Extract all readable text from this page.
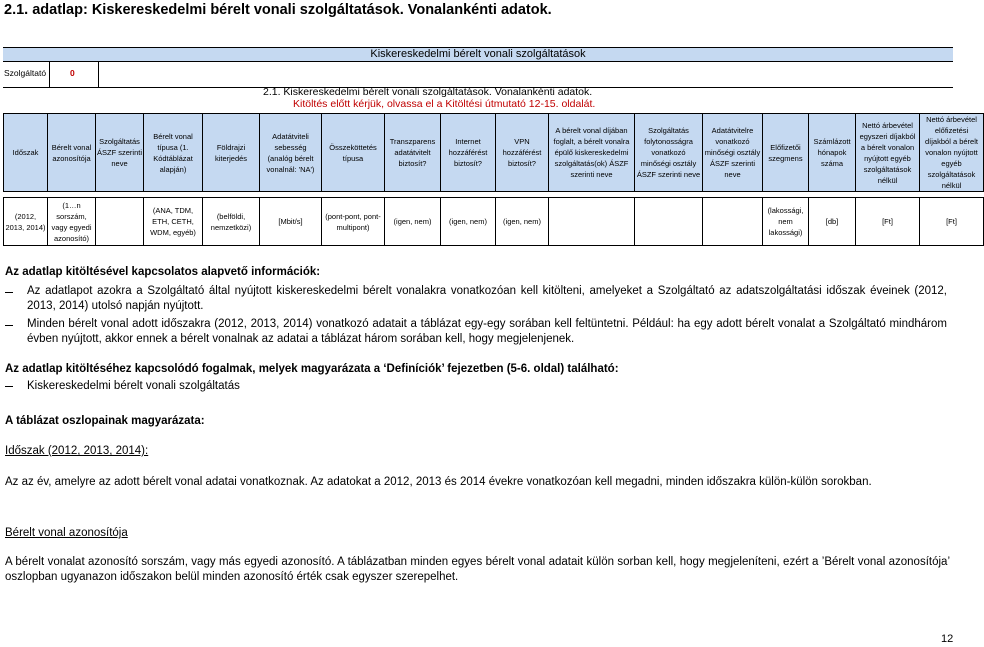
2.1. adatlap: Kiskereskedelmi bérelt vonali szolgáltatások. Vonalankénti adatok.
Kiskereskedelmi bérelt vonali szolgáltatások
Szolgáltató	0
2.1. Kiskereskedelmi bérelt vonali szolgáltatások. Vonalankénti adatok.
Kitöltés előtt kérjük, olvassa el a Kitöltési útmutató 12-15. oldalát.
Időszak	Bérelt vonal azonosítója	Szolgáltatás ÁSZF szerinti neve	Bérelt vonal típusa (1. Kódtáblázat alapján)	Földrajzi kiterjedés	Adatátviteli sebesség (analóg bérelt vonalnál: 'NA')	Összeköttetés típusa	Transzparens adatátvitelt biztosít?	Internet hozzáférést biztosít?	VPN hozzáférést biztosít?	A bérelt vonal díjában foglalt, a bérelt vonalra épülő kiskereskedelmi szolgáltatás(ok) ÁSZF szerinti neve	Szolgáltatás folytonosságra vonatkozó minőségi osztály ÁSZF szerinti neve	Adatátvitelre vonatkozó minőségi osztály ÁSZF szerinti neve	Előfizetői szegmens	Számlázott hónapok száma	Nettó árbevétel egyszeri díjakból a bérelt vonalon nyújtott egyéb szolgáltatások nélkül	Nettó árbevétel előfizetési díjakból a bérelt vonalon nyújtott egyéb szolgáltatások nélkül

(2012, 2013, 2014)	(1…n sorszám, vagy egyedi azonosító)		(ANA, TDM, ETH, CETH, WDM, egyéb)	(belföldi, nemzetközi)	[Mbit/s]	(pont-pont, pont-multipont)	(igen, nem)	(igen, nem)	(igen, nem)				(lakossági, nem lakossági)	[db]	[Ft]	[Ft]
Az adatlap kitöltésével kapcsolatos alapvető információk:
Az adatlapot azokra a Szolgáltató által nyújtott kiskereskedelmi bérelt vonalakra vonatkozóan kell kitölteni, amelyeket a Szolgáltató az adatszolgáltatási időszak éveinek (2012, 2013, 2014) utolsó napján nyújtott.
Minden bérelt vonal adott időszakra (2012, 2013, 2014) vonatkozó adatait a táblázat egy-egy sorában kell feltüntetni. Például: ha egy adott bérelt vonalat a Szolgáltató mindhárom évben nyújtott, akkor ennek a bérelt vonalnak az adatai a táblázat három sorában kell, hogy megjelenjenek.
Az adatlap kitöltéséhez kapcsolódó fogalmak, melyek magyarázata a ‘Definíciók’ fejezetben (5-6. oldal) található:
Kiskereskedelmi bérelt vonali szolgáltatás
A táblázat oszlopainak magyarázata:
Időszak (2012, 2013, 2014):
Az az év, amelyre az adott bérelt vonal adatai vonatkoznak. Az adatokat a 2012, 2013 és 2014 évekre vonatkozóan kell megadni, minden időszakra külön-külön sorokban.
Bérelt vonal azonosítója
A bérelt vonalat azonosító sorszám, vagy más egyedi azonosító. A táblázatban minden egyes bérelt vonal adatait külön sorban kell, hogy megjeleníteni, ezért a ’Bérelt vonal azonosítója’ oszlopban ugyanazon időszakon belül minden azonosító érték csak egyszer szerepelhet.
12
